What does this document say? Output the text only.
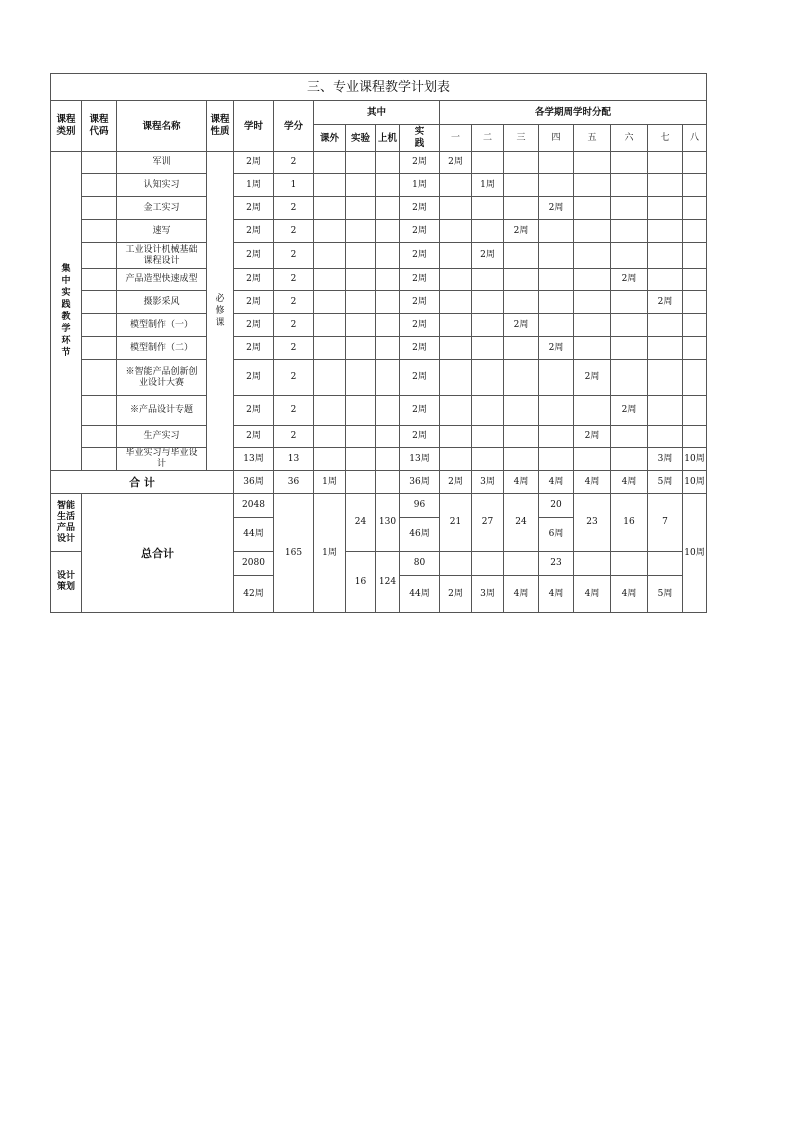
三、专业课程教学计划表																	
课程类别	课程代码	课程名称	课程性质	学时	学分	其中				各学期周学时分配							
						课外	实验	上机	实践	一	二	三	四	五	六	七	八
集中实践教学环节		军训	必修课	2周	2				2周	2周							
		认知实习		1周	1				1周		1周						
		金工实习		2周	2				2周				2周				
		速写		2周	2				2周			2周					
		工业设计机械基础课程设计		2周	2				2周		2周						
		产品造型快速成型		2周	2				2周						2周		
		摄影采风		2周	2				2周							2周	
		模型制作（一）		2周	2				2周			2周					
		模型制作（二）		2周	2				2周				2周				
		※智能产品创新创业设计大赛		2周	2				2周					2周			
		※产品设计专题		2周	2				2周						2周		
		生产实习		2周	2				2周					2周			
		毕业实习与毕业设计		13周	13				13周							3周	10周
合 计				36周	36	1周			36周	2周	3周	4周	4周	4周	4周	5周	10周
智能生活产品设计	总合计			2048	165	1周	24	130	96	21	27	24	20	23	16	7	10周
				44周					46周				6周				
设计策划				2080			16	124	80				23				
				42周					44周	2周	3周	4周	4周	4周	4周	5周	
